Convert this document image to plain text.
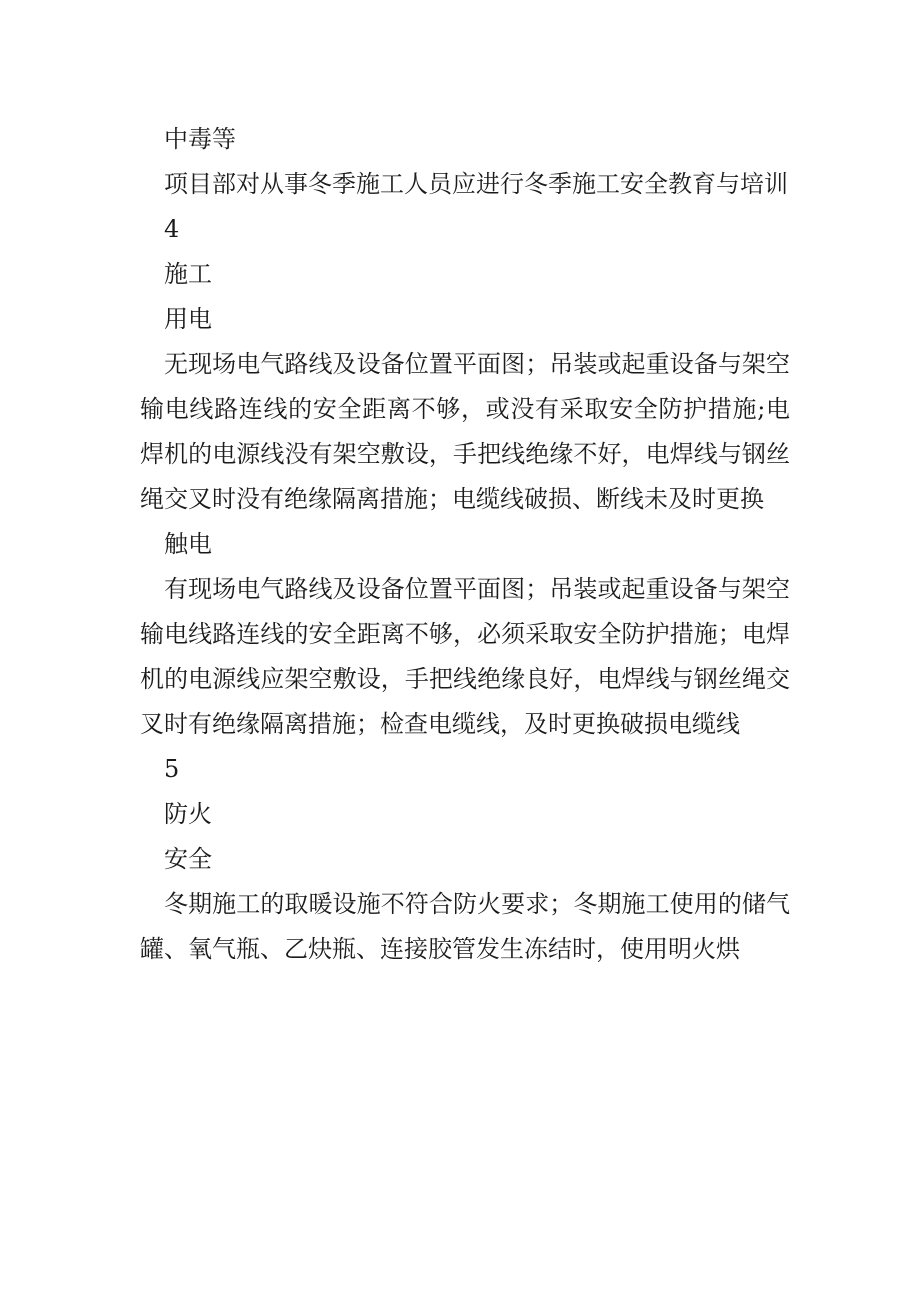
中毒等

项目部对从事冬季施工人员应进行冬季施工安全教育与培训

4

施工

用电

无现场电气路线及设备位置平面图；吊装或起重设备与架空输电线路连线的安全距离不够，或没有采取安全防护措施;电焊机的电源线没有架空敷设，手把线绝缘不好，电焊线与钢丝绳交叉时没有绝缘隔离措施；电缆线破损、断线未及时更换

触电

有现场电气路线及设备位置平面图；吊装或起重设备与架空输电线路连线的安全距离不够，必须采取安全防护措施；电焊机的电源线应架空敷设，手把线绝缘良好，电焊线与钢丝绳交叉时有绝缘隔离措施；检查电缆线，及时更换破损电缆线

5

防火

安全

冬期施工的取暖设施不符合防火要求；冬期施工使用的储气罐、氧气瓶、乙炔瓶、连接胶管发生冻结时，使用明火烘
